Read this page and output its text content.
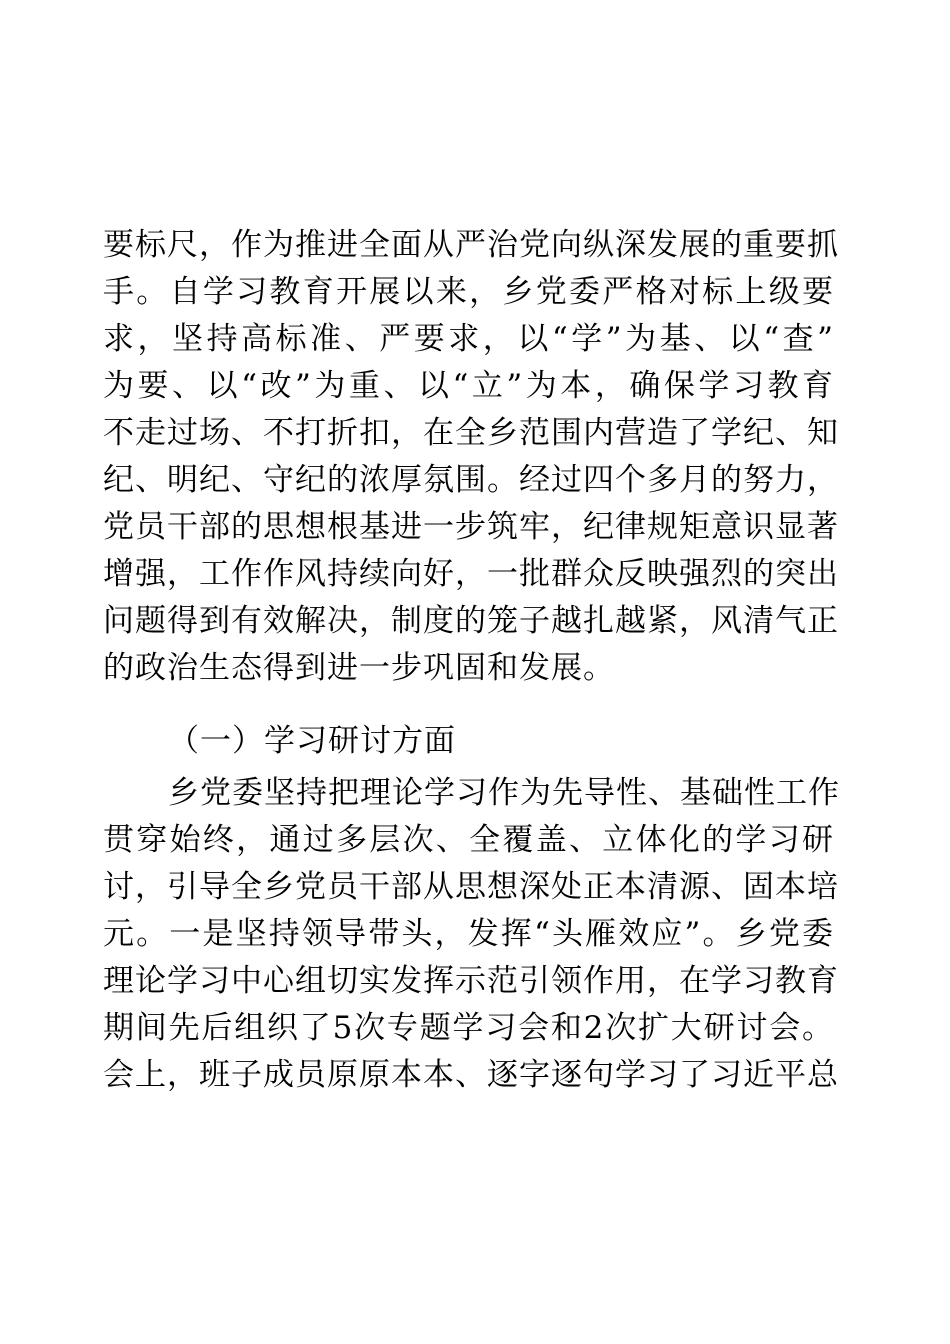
要标尺，作为推进全面从严治党向纵深发展的重要抓
手。自学习教育开展以来，乡党委严格对标上级要
求，坚持高标准、严要求，以“学”为基、以“查”
为要、以“改”为重、以“立”为本，确保学习教育
不走过场、不打折扣，在全乡范围内营造了学纪、知
纪、明纪、守纪的浓厚氛围。经过四个多月的努力，
党员干部的思想根基进一步筑牢，纪律规矩意识显著
增强，工作作风持续向好，一批群众反映强烈的突出
问题得到有效解决，制度的笼子越扎越紧，风清气正
的政治生态得到进一步巩固和发展。
（一）学习研讨方面
乡党委坚持把理论学习作为先导性、基础性工作
贯穿始终，通过多层次、全覆盖、立体化的学习研
讨，引导全乡党员干部从思想深处正本清源、固本培
元。一是坚持领导带头，发挥“头雁效应”。乡党委
理论学习中心组切实发挥示范引领作用，在学习教育
期间先后组织了5次专题学习会和2次扩大研讨会。
会上，班子成员原原本本、逐字逐句学习了习近平总
